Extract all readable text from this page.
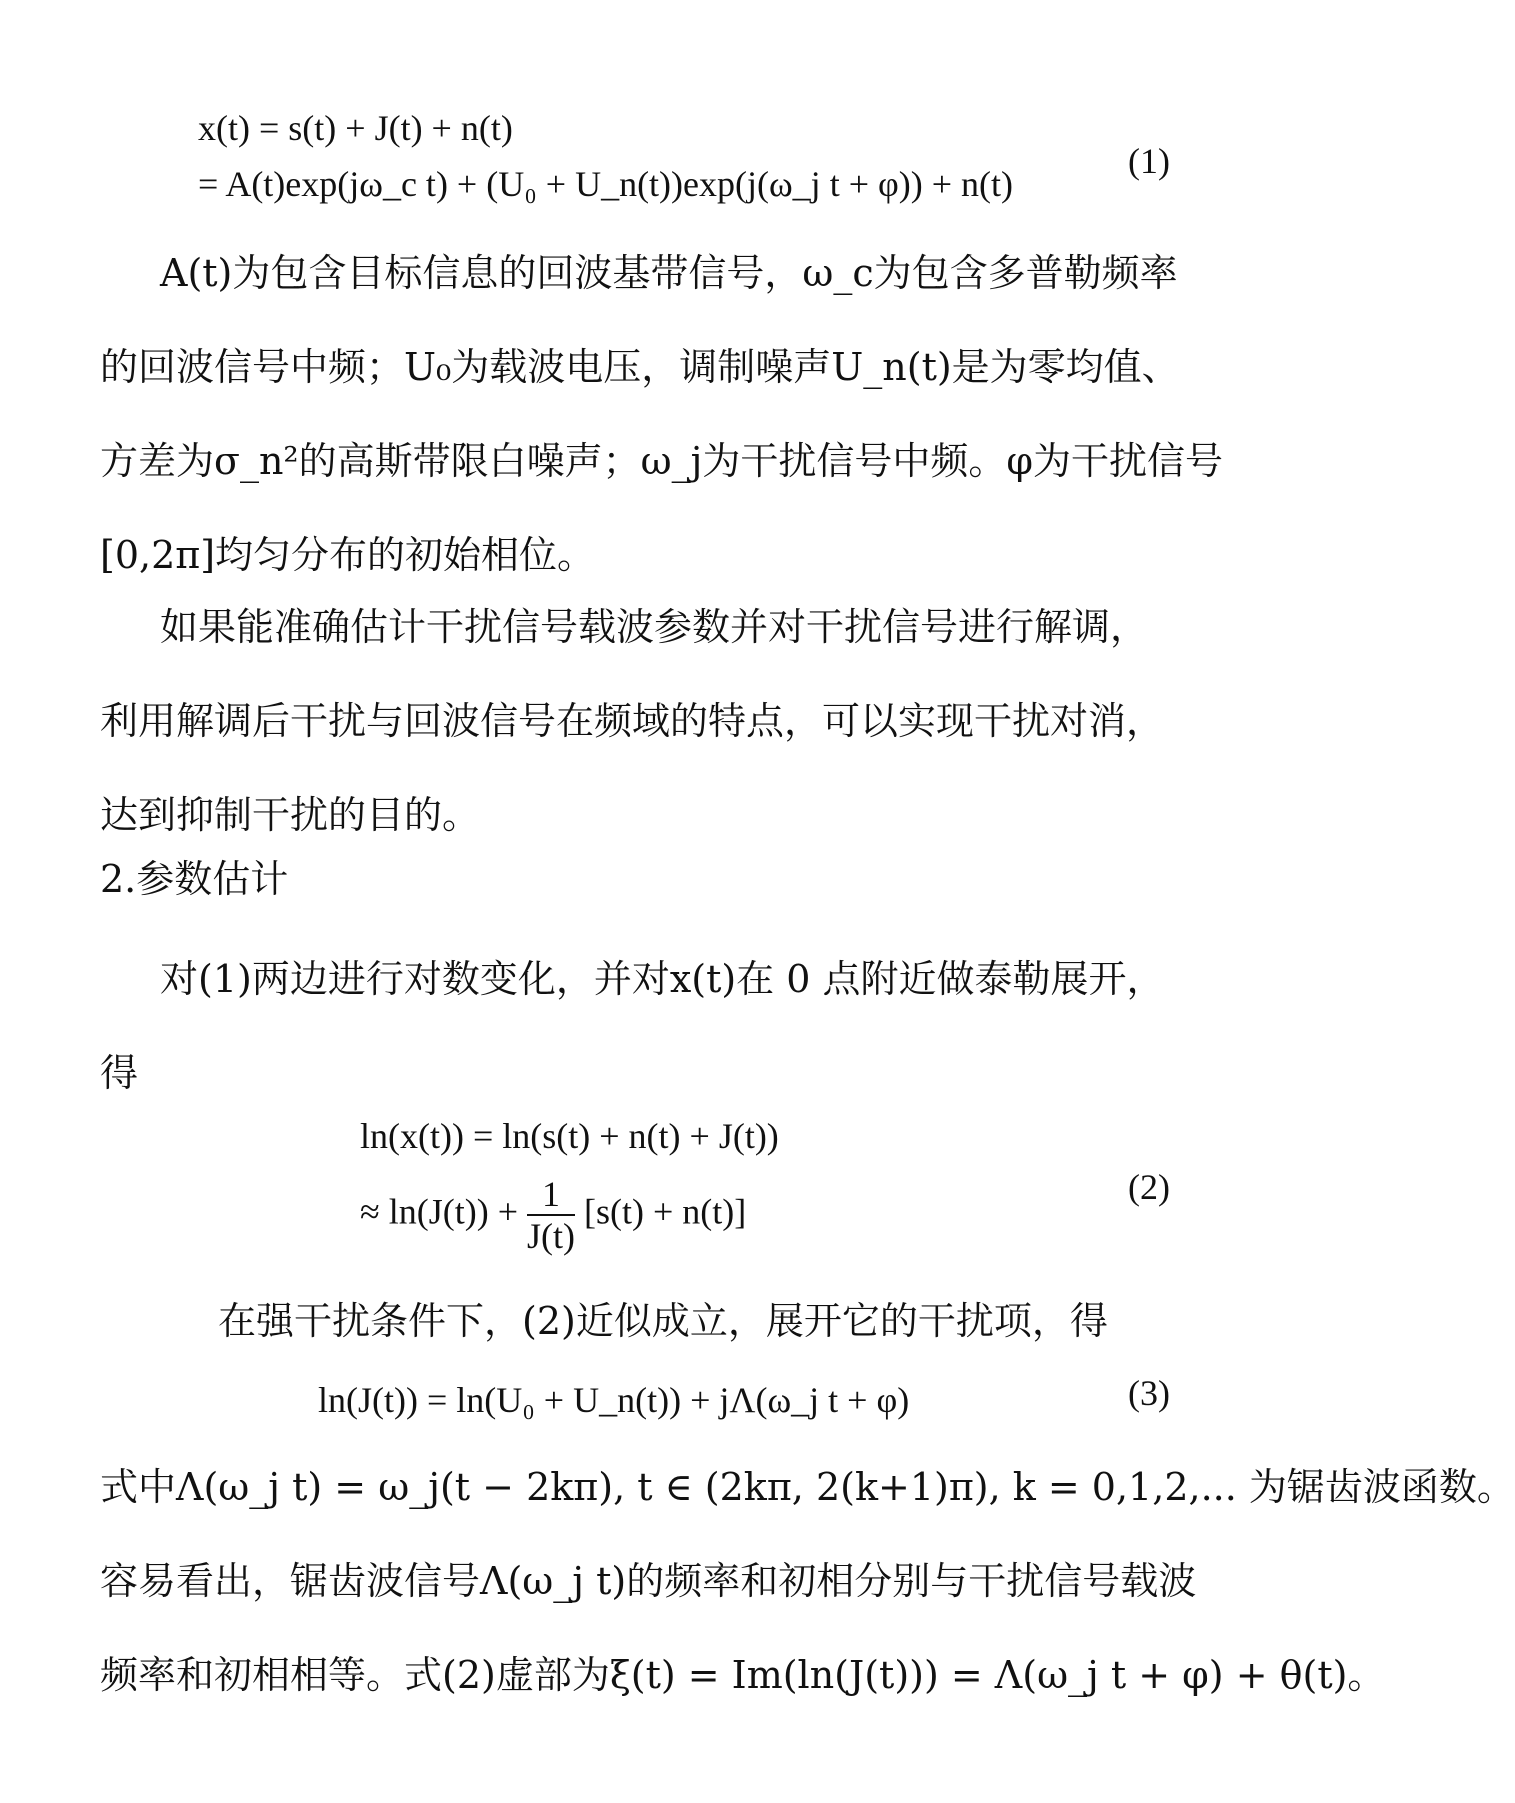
x(t) = s(t) + J(t) + n(t)
= A(t)exp(jω_c t) + (U₀ + U_n(t))exp(j(ω_j t + φ)) + n(t)
(1)
A(t)为包含目标信息的回波基带信号，ω_c为包含多普勒频率
的回波信号中频；U₀为载波电压，调制噪声U_n(t)是为零均值、
方差为σ_n²的高斯带限白噪声；ω_j为干扰信号中频。φ为干扰信号
[0,2π]均匀分布的初始相位。
如果能准确估计干扰信号载波参数并对干扰信号进行解调，
利用解调后干扰与回波信号在频域的特点，可以实现干扰对消，
达到抑制干扰的目的。
2.参数估计
对(1)两边进行对数变化，并对x(t)在 0 点附近做泰勒展开，
得
ln(x(t)) = ln(s(t) + n(t) + J(t))
≈ $\ln(J(t)) + \frac{1}{J(t)} [s(t) + n(t)]$
(2)
在强干扰条件下，(2)近似成立，展开它的干扰项，得
ln(J(t)) = ln(U₀ + U_n(t)) + jΛ(ω_j t + φ)	(3)
式中Λ(ω_j t) = ω_j(t − 2kπ), t ∈ (2kπ, 2(k+1)π), k = 0,1,2,... 为锯齿波函数。
容易看出，锯齿波信号Λ(ω_j t)的频率和初相分别与干扰信号载波
频率和初相相等。式(2)虚部为ξ(t) = Im(ln(J(t))) = Λ(ω_j t + φ) + θ(t)。
